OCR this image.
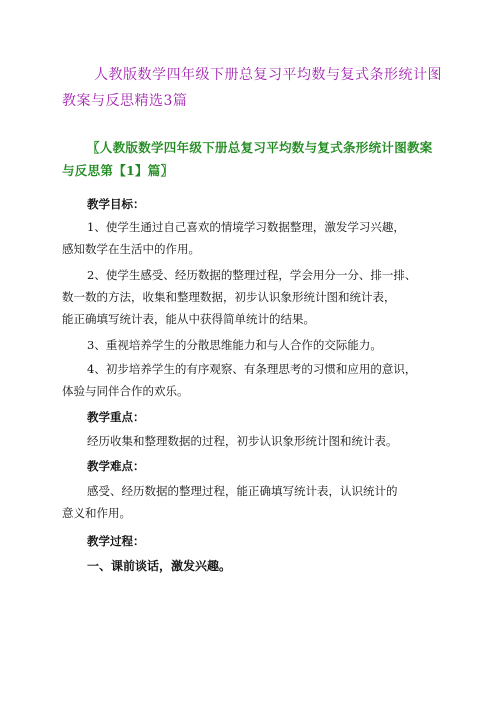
人教版数学四年级下册总复习平均数与复式条形统计图教案与反思精选3篇
〖人教版数学四年级下册总复习平均数与复式条形统计图教案与反思第【1】篇〗
教学目标：
1、使学生通过自己喜欢的情境学习数据整理，激发学习兴趣，
感知数学在生活中的作用。
2、使学生感受、经历数据的整理过程，学会用分一分、排一排、
数一数的方法，收集和整理数据，初步认识象形统计图和统计表，
能正确填写统计表，能从中获得简单统计的结果。
3、重视培养学生的分散思维能力和与人合作的交际能力。
4、初步培养学生的有序观察、有条理思考的习惯和应用的意识，
体验与同伴合作的欢乐。
教学重点：
经历收集和整理数据的过程，初步认识象形统计图和统计表。
教学难点：
感受、经历数据的整理过程，能正确填写统计表，认识统计的
意义和作用。
教学过程：
一、课前谈话，激发兴趣。
